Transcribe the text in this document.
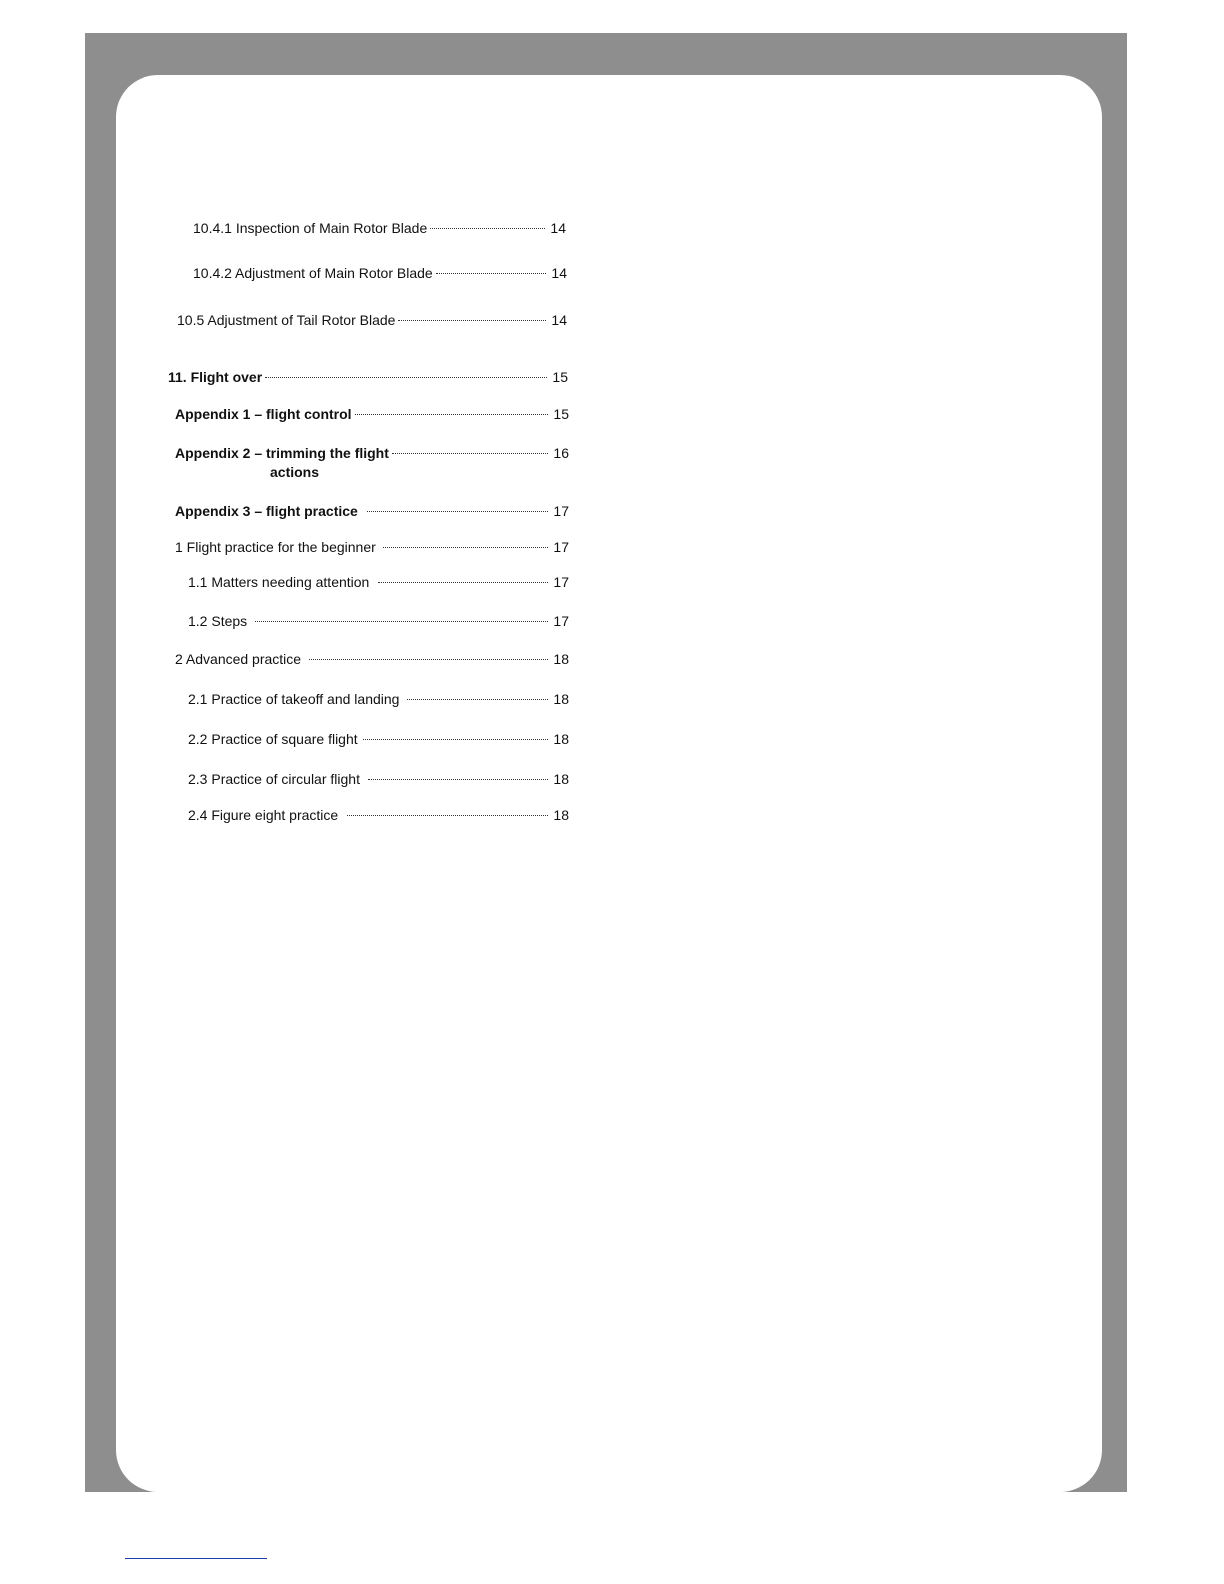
10.4.1 Inspection of Main Rotor Blade	14
10.4.2 Adjustment of Main Rotor Blade	14
10.5 Adjustment of Tail Rotor Blade	14
11. Flight over	15
Appendix 1 – flight control	15
Appendix 2 – trimming the flight	16
actions
Appendix 3 – flight practice	17
1 Flight practice for the beginner	17
1.1 Matters needing attention	17
1.2 Steps	17
2 Advanced practice	18
2.1 Practice of takeoff and landing	18
2.2 Practice of square flight	18
2.3 Practice of circular flight	18
2.4 Figure eight practice	18
